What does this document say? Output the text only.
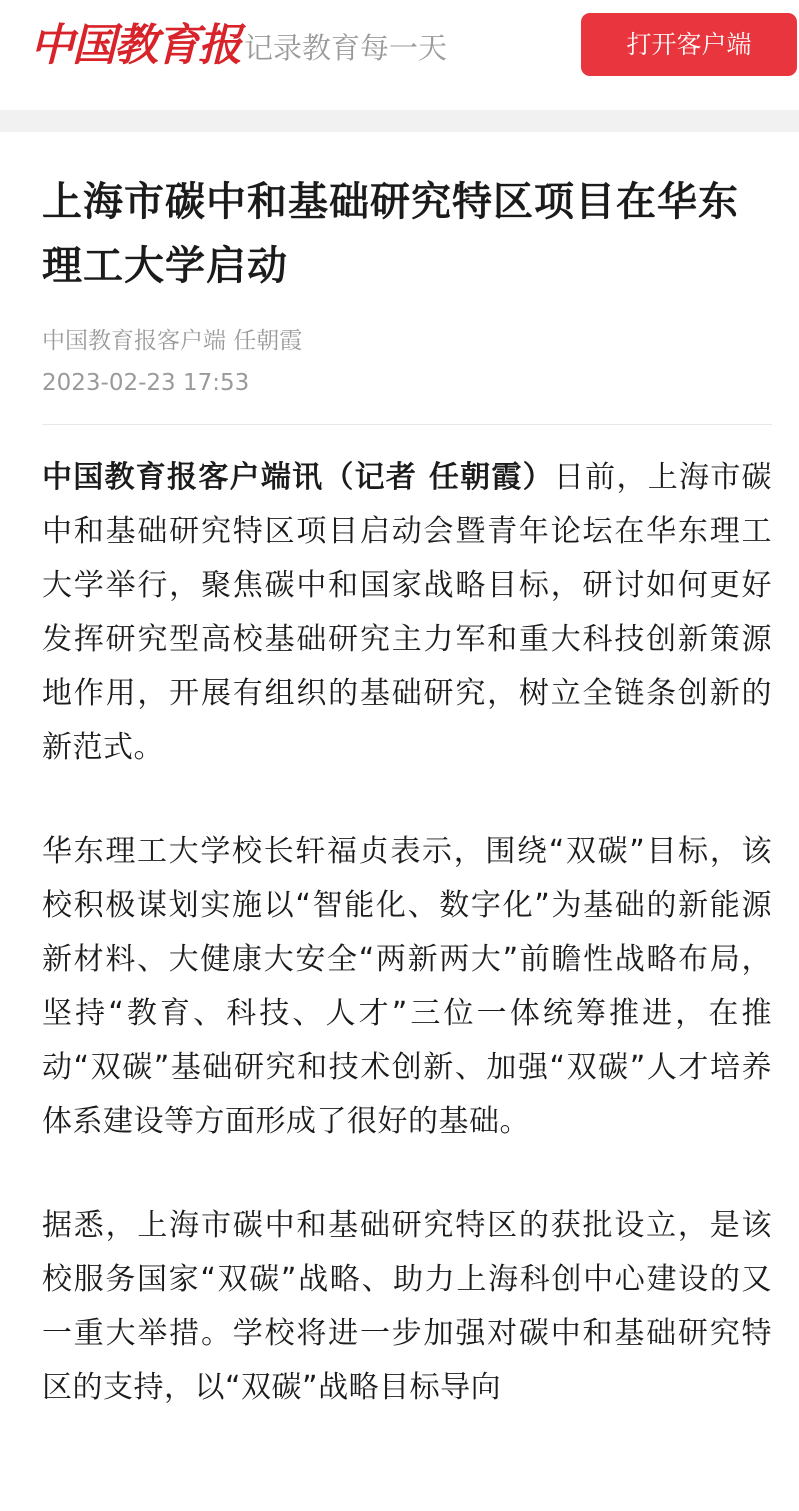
中国教育报 记录教育每一天	打开客户端
上海市碳中和基础研究特区项目在华东理工大学启动
中国教育报客户端 任朝霞
2023-02-23 17:53

中国教育报客户端讯（记者 任朝霞）日前，上海市碳中和基础研究特区项目启动会暨青年论坛在华东理工大学举行，聚焦碳中和国家战略目标，研讨如何更好发挥研究型高校基础研究主力军和重大科技创新策源地作用，开展有组织的基础研究，树立全链条创新的新范式。

华东理工大学校长轩福贞表示，围绕“双碳”目标，该校积极谋划实施以“智能化、数字化”为基础的新能源新材料、大健康大安全“两新两大”前瞻性战略布局，坚持“教育、科技、人才”三位一体统筹推进，在推动“双碳”基础研究和技术创新、加强“双碳”人才培养体系建设等方面形成了很好的基础。

据悉，上海市碳中和基础研究特区的获批设立，是该校服务国家“双碳”战略、助力上海科创中心建设的又一重大举措。学校将进一步加强对碳中和基础研究特区的支持，以“双碳”战略目标导向
